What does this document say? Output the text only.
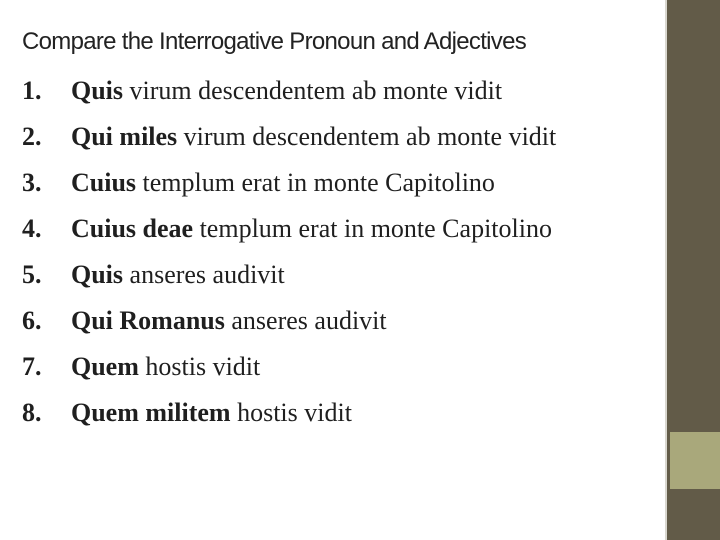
Compare the Interrogative Pronoun and Adjectives
1.	Quis virum descendentem ab monte vidit
2.	Qui miles virum descendentem ab monte vidit
3.	Cuius templum erat in monte Capitolino
4.	Cuius deae templum erat in monte Capitolino
5.	Quis anseres audivit
6.	Qui Romanus anseres audivit
7.	Quem hostis vidit
8.	Quem militem hostis vidit
